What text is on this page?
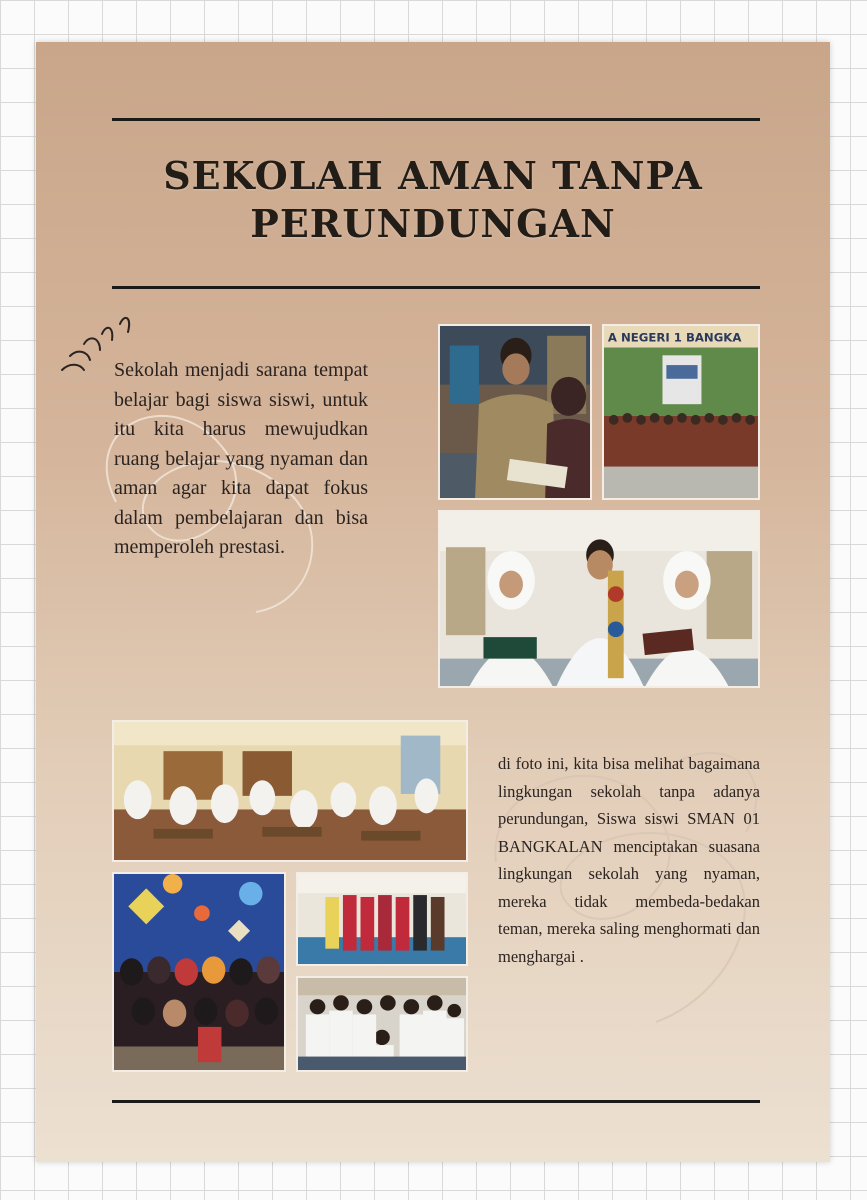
SEKOLAH AMAN TANPA
PERUNDUNGAN

Sekolah menjadi sarana tempat belajar bagi siswa siswi, untuk itu kita harus mewujudkan ruang belajar yang nyaman dan aman agar kita dapat fokus dalam pembelajaran dan bisa memperoleh prestasi.

A NEGERI 1 BANGKA

di foto ini, kita bisa melihat bagaimana lingkungan sekolah tanpa adanya perundungan, Siswa siswi SMAN 01 BANGKALAN menciptakan suasana lingkungan sekolah yang nyaman, mereka tidak membeda-bedakan teman, mereka saling menghormati dan menghargai .
